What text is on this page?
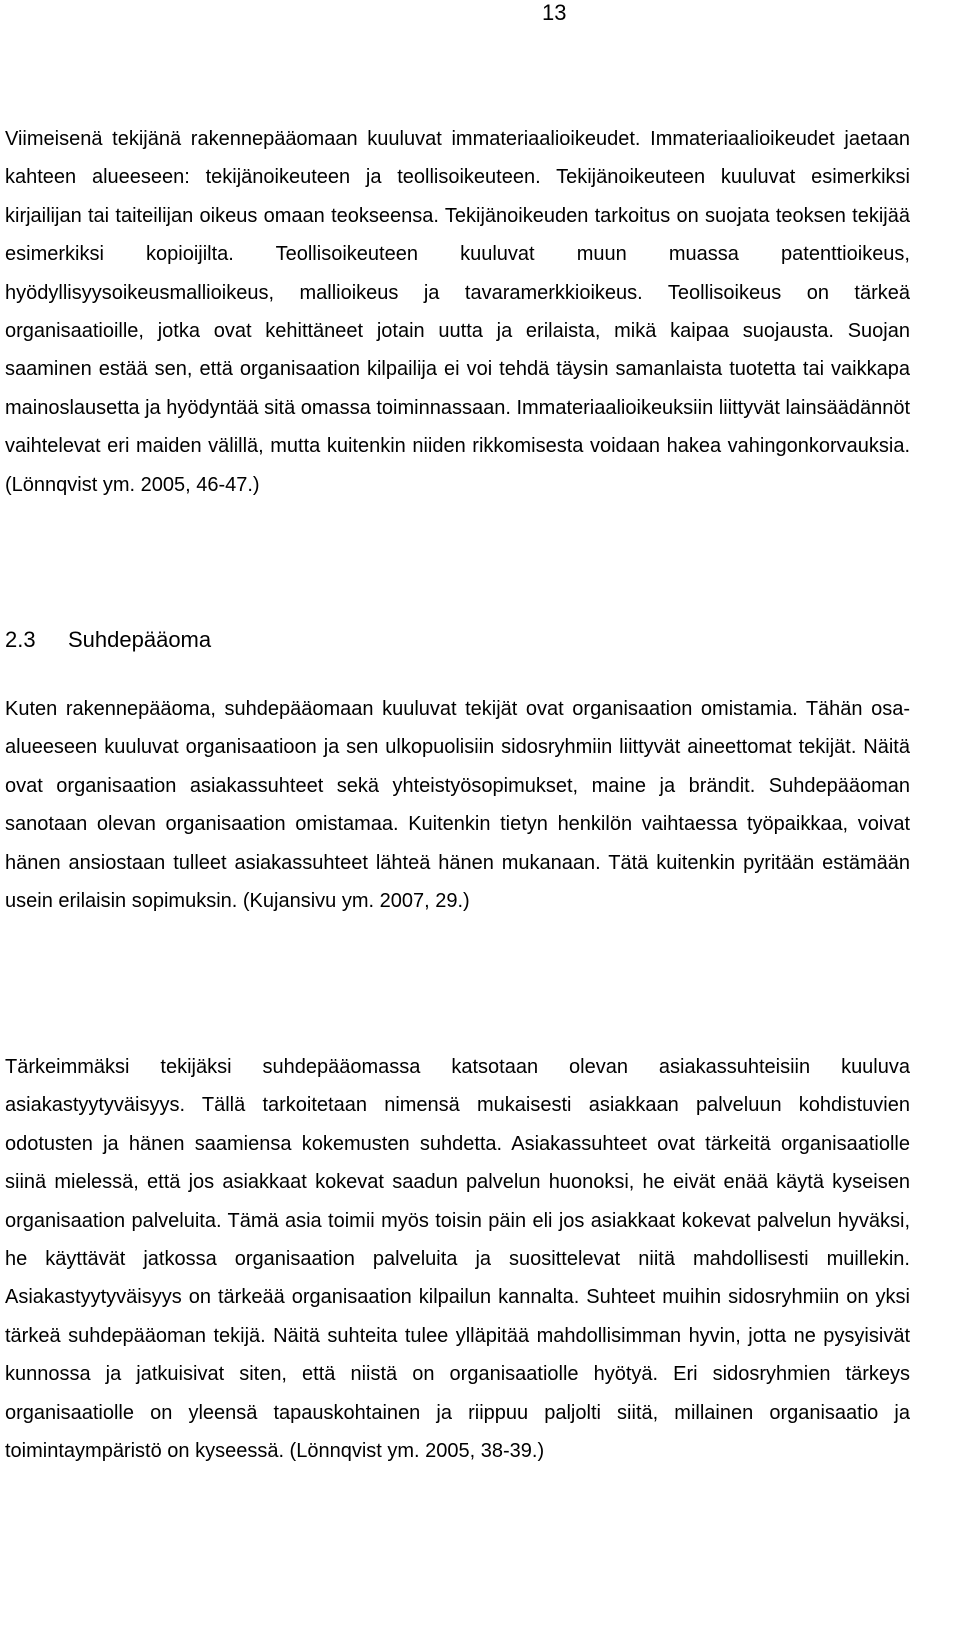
13

Viimeisenä tekijänä rakennepääomaan kuuluvat immateriaalioikeudet. Immateriaalioikeudet jaetaan kahteen alueeseen: tekijänoikeuteen ja teollisoikeuteen. Tekijänoikeuteen kuuluvat esimerkiksi kirjailijan tai taiteilijan oikeus omaan teokseensa. Tekijänoikeuden tarkoitus on suojata teoksen tekijää esimerkiksi kopioijilta. Teollisoikeuteen kuuluvat muun muassa patenttioikeus, hyödyllisyysoikeusmallioikeus, mallioikeus ja tavaramerkkioikeus. Teollisoikeus on tärkeä organisaatioille, jotka ovat kehittäneet jotain uutta ja erilaista, mikä kaipaa suojausta. Suojan saaminen estää sen, että organisaation kilpailija ei voi tehdä täysin samanlaista tuotetta tai vaikkapa mainoslausetta ja hyödyntää sitä omassa toiminnassaan. Immateriaalioikeuksiin liittyvät lainsäädännöt vaihtelevat eri maiden välillä, mutta kuitenkin niiden rikkomisesta voidaan hakea vahingonkorvauksia. (Lönnqvist ym. 2005, 46-47.)

2.3 Suhdepääoma

Kuten rakennepääoma, suhdepääomaan kuuluvat tekijät ovat organisaation omistamia. Tähän osa-alueeseen kuuluvat organisaatioon ja sen ulkopuolisiin sidosryhmiin liittyvät aineettomat tekijät. Näitä ovat organisaation asiakassuhteet sekä yhteistyösopimukset, maine ja brändit. Suhdepääoman sanotaan olevan organisaation omistamaa. Kuitenkin tietyn henkilön vaihtaessa työpaikkaa, voivat hänen ansiostaan tulleet asiakassuhteet lähteä hänen mukanaan. Tätä kuitenkin pyritään estämään usein erilaisin sopimuksin. (Kujansivu ym. 2007, 29.)

Tärkeimmäksi tekijäksi suhdepääomassa katsotaan olevan asiakassuhteisiin kuuluva asiakastyytyväisyys. Tällä tarkoitetaan nimensä mukaisesti asiakkaan palveluun kohdistuvien odotusten ja hänen saamiensa kokemusten suhdetta. Asiakassuhteet ovat tärkeitä organisaatiolle siinä mielessä, että jos asiakkaat kokevat saadun palvelun huonoksi, he eivät enää käytä kyseisen organisaation palveluita. Tämä asia toimii myös toisin päin eli jos asiakkaat kokevat palvelun hyväksi, he käyttävät jatkossa organisaation palveluita ja suosittelevat niitä mahdollisesti muillekin. Asiakastyytyväisyys on tärkeää organisaation kilpailun kannalta. Suhteet muihin sidosryhmiin on yksi tärkeä suhdepääoman tekijä. Näitä suhteita tulee ylläpitää mahdollisimman hyvin, jotta ne pysyisivät kunnossa ja jatkuisivat siten, että niistä on organisaatiolle hyötyä. Eri sidosryhmien tärkeys organisaatiolle on yleensä tapauskohtainen ja riippuu paljolti siitä, millainen organisaatio ja toimintaympäristö on kyseessä. (Lönnqvist ym. 2005, 38-39.)
